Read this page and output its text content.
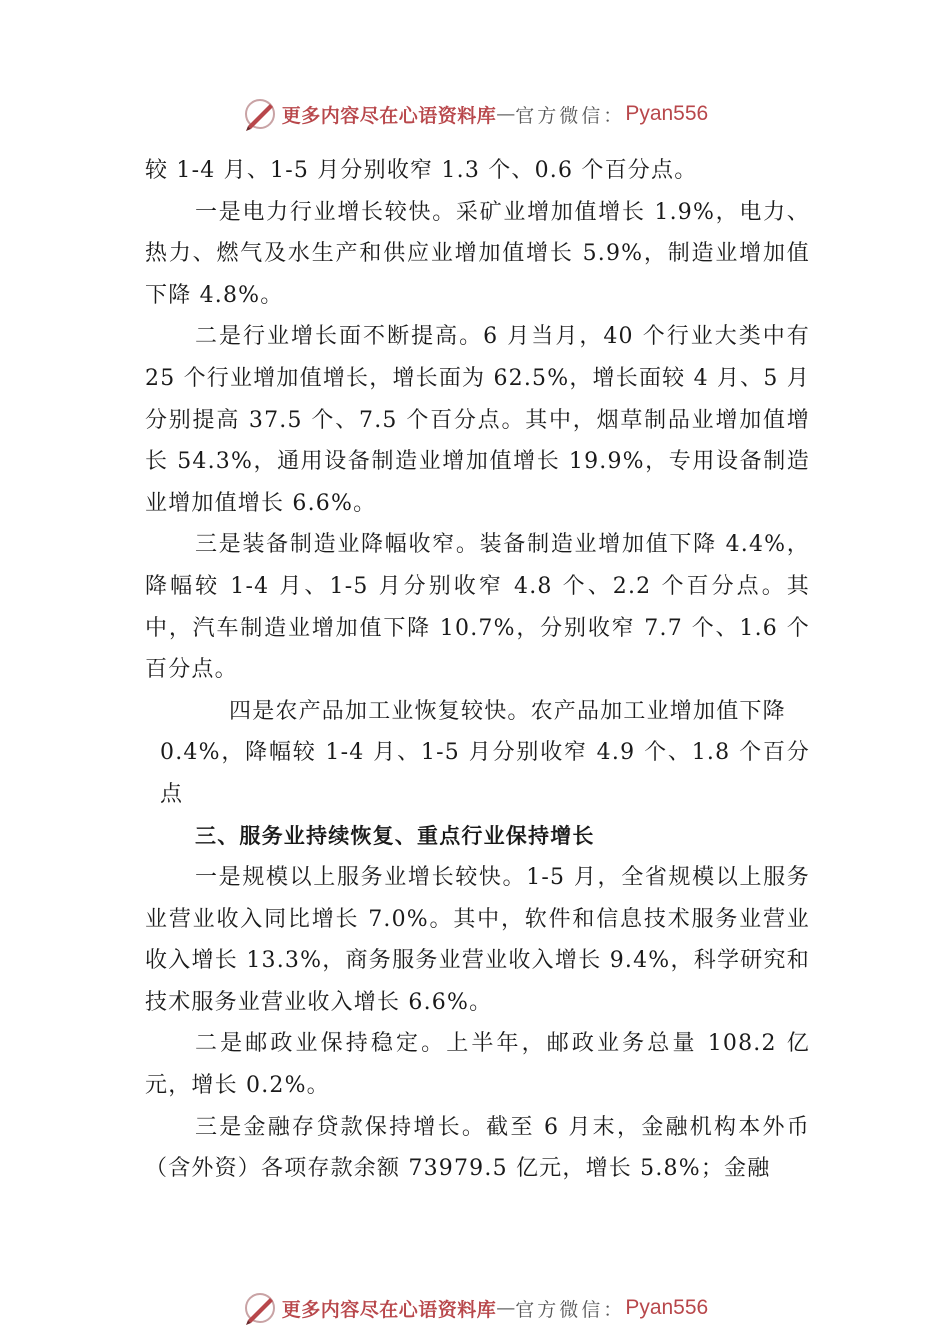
更多内容尽在心语资料库 — 官方微信： Pyan556

较 1-4 月、1-5 月分别收窄 1.3 个、0.6 个百分点。

一是电力行业增长较快。采矿业增加值增长 1.9%，电力、热力、燃气及水生产和供应业增加值增长 5.9%，制造业增加值下降 4.8%。

二是行业增长面不断提高。6 月当月，40 个行业大类中有 25 个行业增加值增长，增长面为 62.5%，增长面较 4 月、5 月分别提高 37.5 个、7.5 个百分点。其中，烟草制品业增加值增长 54.3%，通用设备制造业增加值增长 19.9%，专用设备制造业增加值增长 6.6%。

三是装备制造业降幅收窄。装备制造业增加值下降 4.4%，降幅较 1-4 月、1-5 月分别收窄 4.8 个、2.2 个百分点。其中，汽车制造业增加值下降 10.7%，分别收窄 7.7 个、1.6 个百分点。

四是农产品加工业恢复较快。农产品加工业增加值下降

0.4%，降幅较 1-4 月、1-5 月分别收窄 4.9 个、1.8 个百分点

三、服务业持续恢复、重点行业保持增长

一是规模以上服务业增长较快。1-5 月，全省规模以上服务业营业收入同比增长 7.0%。其中，软件和信息技术服务业营业收入增长 13.3%，商务服务业营业收入增长 9.4%，科学研究和技术服务业营业收入增长 6.6%。

二是邮政业保持稳定。上半年，邮政业务总量 108.2 亿元，增长 0.2%。

三是金融存贷款保持增长。截至 6 月末，金融机构本外币（含外资）各项存款余额 73979.5 亿元，增长 5.8%；金融

更多内容尽在心语资料库 — 官方微信： Pyan556
